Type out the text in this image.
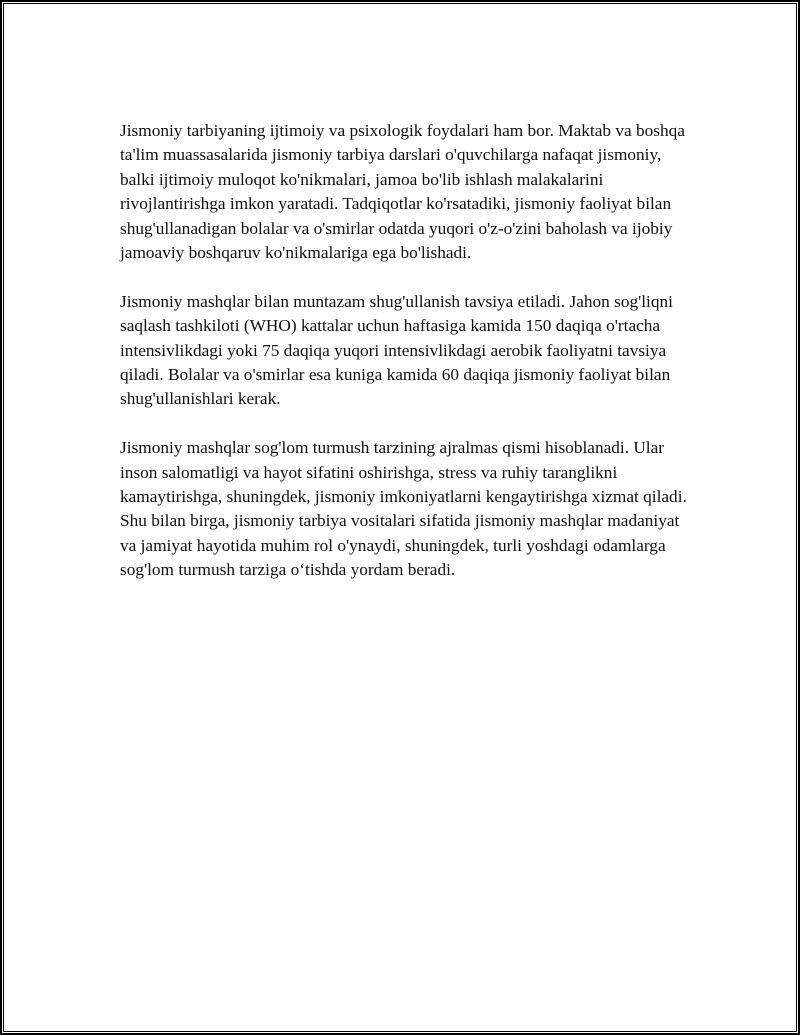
Jismoniy tarbiyaning ijtimoiy va psixologik foydalari ham bor. Maktab va boshqa ta'lim muassasalarida jismoniy tarbiya darslari o'quvchilarga nafaqat jismoniy, balki ijtimoiy muloqot ko'nikmalari, jamoa bo'lib ishlash malakalarini rivojlantirishga imkon yaratadi. Tadqiqotlar ko'rsatadiki, jismoniy faoliyat bilan shug'ullanadigan bolalar va o'smirlar odatda yuqori o'z-o'zini baholash va ijobiy jamoaviy boshqaruv ko'nikmalariga ega bo'lishadi.

Jismoniy mashqlar bilan muntazam shug'ullanish tavsiya etiladi. Jahon sog'liqni saqlash tashkiloti (WHO) kattalar uchun haftasiga kamida 150 daqiqa o'rtacha intensivlikdagi yoki 75 daqiqa yuqori intensivlikdagi aerobik faoliyatni tavsiya qiladi. Bolalar va o'smirlar esa kuniga kamida 60 daqiqa jismoniy faoliyat bilan shug'ullanishlari kerak.

Jismoniy mashqlar sog'lom turmush tarzining ajralmas qismi hisoblanadi. Ular inson salomatligi va hayot sifatini oshirishga, stress va ruhiy taranglikni kamaytirishga, shuningdek, jismoniy imkoniyatlarni kengaytirishga xizmat qiladi. Shu bilan birga, jismoniy tarbiya vositalari sifatida jismoniy mashqlar madaniyat va jamiyat hayotida muhim rol o'ynaydi, shuningdek, turli yoshdagi odamlarga sog'lom turmush tarziga oʻtishda yordam beradi.
